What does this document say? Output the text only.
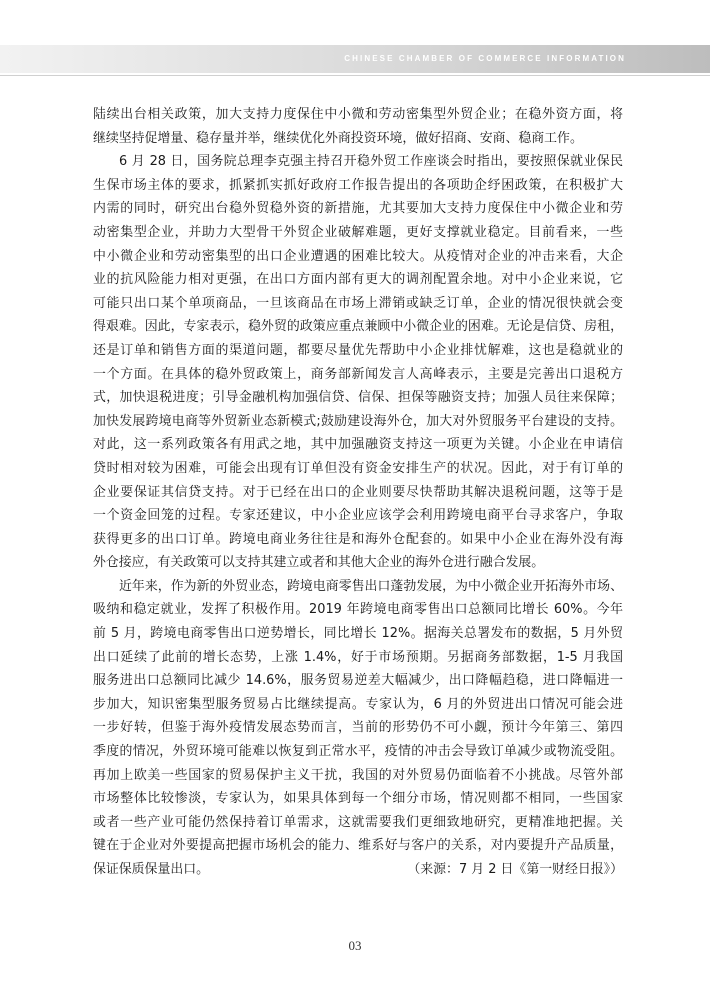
CHINESE CHAMBER OF COMMERCE INFORMATION
陆续出台相关政策，加大支持力度保住中小微和劳动密集型外贸企业；在稳外资方面，将
继续坚持促增量、稳存量并举，继续优化外商投资环境，做好招商、安商、稳商工作。
6 月 28 日，国务院总理李克强主持召开稳外贸工作座谈会时指出，要按照保就业保民
生保市场主体的要求，抓紧抓实抓好政府工作报告提出的各项助企纾困政策，在积极扩大
内需的同时，研究出台稳外贸稳外资的新措施，尤其要加大支持力度保住中小微企业和劳
动密集型企业，并助力大型骨干外贸企业破解难题，更好支撑就业稳定。目前看来，一些
中小微企业和劳动密集型的出口企业遭遇的困难比较大。从疫情对企业的冲击来看，大企
业的抗风险能力相对更强，在出口方面内部有更大的调剂配置余地。对中小企业来说，它
可能只出口某个单项商品，一旦该商品在市场上滞销或缺乏订单，企业的情况很快就会变
得艰难。因此，专家表示，稳外贸的政策应重点兼顾中小微企业的困难。无论是信贷、房租，
还是订单和销售方面的渠道问题，都要尽量优先帮助中小企业排忧解难，这也是稳就业的
一个方面。在具体的稳外贸政策上，商务部新闻发言人高峰表示，主要是完善出口退税方
式，加快退税进度；引导金融机构加强信贷、信保、担保等融资支持；加强人员往来保障；
加快发展跨境电商等外贸新业态新模式;鼓励建设海外仓，加大对外贸服务平台建设的支持。
对此，这一系列政策各有用武之地，其中加强融资支持这一项更为关键。小企业在申请信
贷时相对较为困难，可能会出现有订单但没有资金安排生产的状况。因此，对于有订单的
企业要保证其信贷支持。对于已经在出口的企业则要尽快帮助其解决退税问题，这等于是
一个资金回笼的过程。专家还建议，中小企业应该学会利用跨境电商平台寻求客户，争取
获得更多的出口订单。跨境电商业务往往是和海外仓配套的。如果中小企业在海外没有海
外仓接应，有关政策可以支持其建立或者和其他大企业的海外仓进行融合发展。
近年来，作为新的外贸业态，跨境电商零售出口蓬勃发展，为中小微企业开拓海外市场、
吸纳和稳定就业，发挥了积极作用。2019 年跨境电商零售出口总额同比增长 60%。今年
前 5 月，跨境电商零售出口逆势增长，同比增长 12%。据海关总署发布的数据，5 月外贸
出口延续了此前的增长态势，上涨 1.4%，好于市场预期。另据商务部数据，1-5 月我国
服务进出口总额同比减少 14.6%，服务贸易逆差大幅减少，出口降幅趋稳，进口降幅进一
步加大，知识密集型服务贸易占比继续提高。专家认为，6 月的外贸进出口情况可能会进
一步好转，但鉴于海外疫情发展态势而言，当前的形势仍不可小觑，预计今年第三、第四
季度的情况，外贸环境可能难以恢复到正常水平，疫情的冲击会导致订单减少或物流受阻。
再加上欧美一些国家的贸易保护主义干扰，我国的对外贸易仍面临着不小挑战。尽管外部
市场整体比较惨淡，专家认为，如果具体到每一个细分市场，情况则都不相同，一些国家
或者一些产业可能仍然保持着订单需求，这就需要我们更细致地研究，更精准地把握。关
键在于企业对外要提高把握市场机会的能力、维系好与客户的关系，对内要提升产品质量，
保证保质保量出口。	（来源：7 月 2 日《第一财经日报》）
03
